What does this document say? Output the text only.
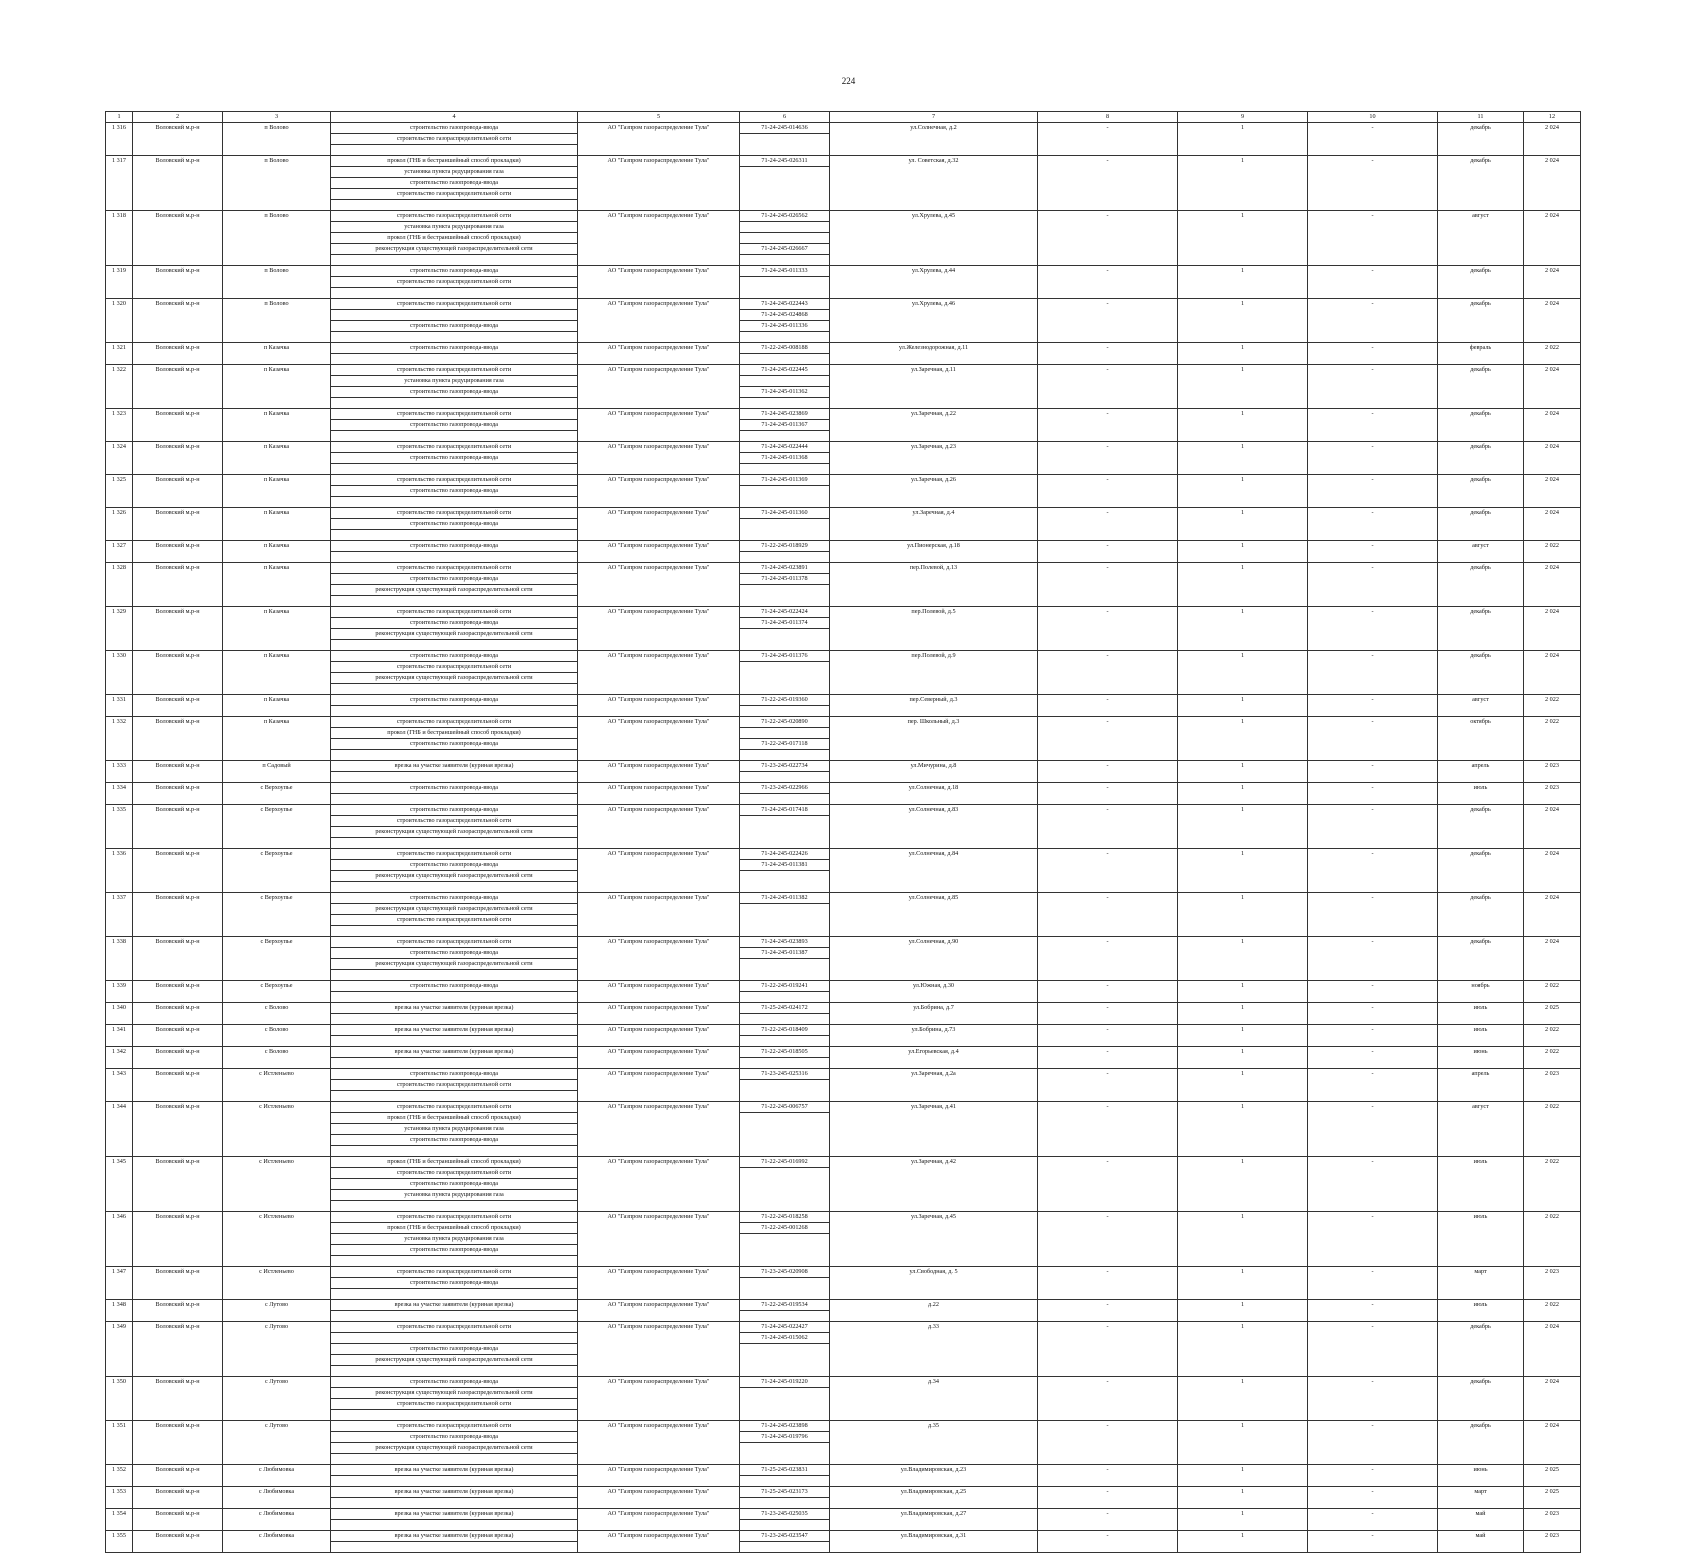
224
1	2	3	4	5	6	7	8	9	10	11	12
1 316	Воловский м.р-н	п Волово	строительство газопровода-ввода	АО "Газпром газораспределение Тула"	71-24-245-014636	ул.Солнечная, д.2	-	1	-	декабрь	2 024
			строительство газораспределительной сети								

1 317	Воловский м.р-н	п Волово	прокол (ГНБ и бестраншейный способ прокладки)	АО "Газпром газораспределение Тула"	71-24-245-026311	ул. Советская, д.32	-	1	-	декабрь	2 024
			установка пункта редуцирования газа								
			строительство газопровода-ввода								
			строительство газораспределительной сети								

1 318	Воловский м.р-н	п Волово	строительство газораспределительной сети	АО "Газпром газораспределение Тула"	71-24-245-026562	ул.Хрулева, д.45	-	1	-	август	2 024
			установка пункта редуцирования газа								
			прокол (ГНБ и бестраншейный способ прокладки)								
			реконструкция существующей газораспределительной сети		71-24-245-026667						

1 319	Воловский м.р-н	п Волово	строительство газопровода-ввода	АО "Газпром газораспределение Тула"	71-24-245-011333	ул.Хрулева, д.44	-	1	-	декабрь	2 024
			строительство газораспределительной сети								

1 320	Воловский м.р-н	п Волово	строительство газораспределительной сети	АО "Газпром газораспределение Тула"	71-24-245-022443	ул.Хрулева, д.46	-	1	-	декабрь	2 024
					71-24-245-024868						
			строительство газопровода-ввода		71-24-245-011336						

1 321	Воловский м.р-н	п Казачка	строительство газопровода-ввода	АО "Газпром газораспределение Тула"	71-22-245-008188	ул.Железнодорожная, д.11	-	1	-	февраль	2 022

1 322	Воловский м.р-н	п Казачка	строительство газораспределительной сети	АО "Газпром газораспределение Тула"	71-24-245-022445	ул.Заречная, д.11	-	1	-	декабрь	2 024
			установка пункта редуцирования газа								
			строительство газопровода-ввода		71-24-245-011362						

1 323	Воловский м.р-н	п Казачка	строительство газораспределительной сети	АО "Газпром газораспределение Тула"	71-24-245-023869	ул.Заречная, д.22	-	1	-	декабрь	2 024
			строительство газопровода-ввода		71-24-245-011367						

1 324	Воловский м.р-н	п Казачка	строительство газораспределительной сети	АО "Газпром газораспределение Тула"	71-24-245-022444	ул.Заречная, д.23	-	1	-	декабрь	2 024
			строительство газопровода-ввода		71-24-245-011368						

1 325	Воловский м.р-н	п Казачка	строительство газораспределительной сети	АО "Газпром газораспределение Тула"	71-24-245-011369	ул.Заречная, д.26	-	1	-	декабрь	2 024
			строительство газопровода-ввода								

1 326	Воловский м.р-н	п Казачка	строительство газораспределительной сети	АО "Газпром газораспределение Тула"	71-24-245-011360	ул.Заречная, д.4	-	1	-	декабрь	2 024
			строительство газопровода-ввода								

1 327	Воловский м.р-н	п Казачка	строительство газопровода-ввода	АО "Газпром газораспределение Тула"	71-22-245-018929	ул.Пионерская, д.18	-	1	-	август	2 022

1 328	Воловский м.р-н	п Казачка	строительство газораспределительной сети	АО "Газпром газораспределение Тула"	71-24-245-023891	пер.Полевой, д.13	-	1	-	декабрь	2 024
			строительство газопровода-ввода		71-24-245-011378						
			реконструкция существующей газораспределительной сети								

1 329	Воловский м.р-н	п Казачка	строительство газораспределительной сети	АО "Газпром газораспределение Тула"	71-24-245-022424	пер.Полевой, д.5	-	1	-	декабрь	2 024
			строительство газопровода-ввода		71-24-245-011374						
			реконструкция существующей газораспределительной сети								

1 330	Воловский м.р-н	п Казачка	строительство газопровода-ввода	АО "Газпром газораспределение Тула"	71-24-245-011376	пер.Полевой, д.9	-	1	-	декабрь	2 024
			строительство газораспределительной сети								
			реконструкция существующей газораспределительной сети								

1 331	Воловский м.р-н	п Казачка	строительство газопровода-ввода	АО "Газпром газораспределение Тула"	71-22-245-019360	пер.Северный, д.3	-	1	-	август	2 022

1 332	Воловский м.р-н	п Казачка	строительство газораспределительной сети	АО "Газпром газораспределение Тула"	71-22-245-020890	пер. Школьный, д.3	-	1	-	октябрь	2 022
			прокол (ГНБ и бестраншейный способ прокладки)								
			строительство газопровода-ввода		71-22-245-017118						

1 333	Воловский м.р-н	п Садовый	врезка на участке заявителя (куриная врезка)	АО "Газпром газораспределение Тула"	71-23-245-022734	ул.Мичурина, д.8	-	1	-	апрель	2 023

1 334	Воловский м.р-н	с Верхоупье	строительство газопровода-ввода	АО "Газпром газораспределение Тула"	71-23-245-022966	ул.Солнечная, д.18	-	1	-	июль	2 023

1 335	Воловский м.р-н	с Верхоупье	строительство газопровода-ввода	АО "Газпром газораспределение Тула"	71-24-245-017418	ул.Солнечная, д.83	-	1	-	декабрь	2 024
			строительство газораспределительной сети								
			реконструкция существующей газораспределительной сети								

1 336	Воловский м.р-н	с Верхоупье	строительство газораспределительной сети	АО "Газпром газораспределение Тула"	71-24-245-022426	ул.Солнечная, д.84	-	1	-	декабрь	2 024
			строительство газопровода-ввода		71-24-245-011381						
			реконструкция существующей газораспределительной сети								

1 337	Воловский м.р-н	с Верхоупье	строительство газопровода-ввода	АО "Газпром газораспределение Тула"	71-24-245-011382	ул.Солнечная, д.85	-	1	-	декабрь	2 024
			реконструкция существующей газораспределительной сети								
			строительство газораспределительной сети								

1 338	Воловский м.р-н	с Верхоупье	строительство газораспределительной сети	АО "Газпром газораспределение Тула"	71-24-245-023893	ул.Солнечная, д.90	-	1	-	декабрь	2 024
			строительство газопровода-ввода		71-24-245-011387						
			реконструкция существующей газораспределительной сети								

1 339	Воловский м.р-н	с Верхоупье	строительство газопровода-ввода	АО "Газпром газораспределение Тула"	71-22-245-019241	ул.Южная, д.30	-	1	-	ноябрь	2 022

1 340	Воловский м.р-н	с Волово	врезка на участке заявителя (куриная врезка)	АО "Газпром газораспределение Тула"	71-25-245-024172	ул.Бобрина, д.7	-	1	-	июль	2 025

1 341	Воловский м.р-н	с Волово	врезка на участке заявителя (куриная врезка)	АО "Газпром газораспределение Тула"	71-22-245-018409	ул.Бобрина, д.73	-	1	-	июль	2 022

1 342	Воловский м.р-н	с Волово	врезка на участке заявителя (куриная врезка)	АО "Газпром газораспределение Тула"	71-22-245-018505	ул.Егорьевская, д.4	-	1	-	июнь	2 022

1 343	Воловский м.р-н	с Истленьево	строительство газопровода-ввода	АО "Газпром газораспределение Тула"	71-23-245-025316	ул.Заречная, д.2а	-	1	-	апрель	2 023
			строительство газораспределительной сети								

1 344	Воловский м.р-н	с Истленьево	строительство газораспределительной сети	АО "Газпром газораспределение Тула"	71-22-245-006757	ул.Заречная, д.41	-	1	-	август	2 022
			прокол (ГНБ и бестраншейный способ прокладки)								
			установка пункта редуцирования газа								
			строительство газопровода-ввода								

1 345	Воловский м.р-н	с Истленьево	прокол (ГНБ и бестраншейный способ прокладки)	АО "Газпром газораспределение Тула"	71-22-245-016992	ул.Заречная, д.42	-	1	-	июль	2 022
			строительство газораспределительной сети								
			строительство газопровода-ввода								
			установка пункта редуцирования газа								

1 346	Воловский м.р-н	с Истленьево	строительство газораспределительной сети	АО "Газпром газораспределение Тула"	71-22-245-018258	ул.Заречная, д.45	-	1	-	июль	2 022
			прокол (ГНБ и бестраншейный способ прокладки)		71-22-245-001268						
			установка пункта редуцирования газа								
			строительство газопровода-ввода								

1 347	Воловский м.р-н	с Истленьево	строительство газораспределительной сети	АО "Газпром газораспределение Тула"	71-23-245-020908	ул.Свободная, д. 5	-	1	-	март	2 023
			строительство газопровода-ввода								

1 348	Воловский м.р-н	с Лутово	врезка на участке заявителя (куриная врезка)	АО "Газпром газораспределение Тула"	71-22-245-019534	д.22	-	1	-	июль	2 022

1 349	Воловский м.р-н	с Лутово	строительство газораспределительной сети	АО "Газпром газораспределение Тула"	71-24-245-022427	д.33	-	1	-	декабрь	2 024
					71-24-245-015062						
			строительство газопровода-ввода								
			реконструкция существующей газораспределительной сети								

1 350	Воловский м.р-н	с Лутово	строительство газопровода-ввода	АО "Газпром газораспределение Тула"	71-24-245-019220	д.34	-	1	-	декабрь	2 024
			реконструкция существующей газораспределительной сети								
			строительство газораспределительной сети								

1 351	Воловский м.р-н	с Лутово	строительство газораспределительной сети	АО "Газпром газораспределение Тула"	71-24-245-023898	д.35	-	1	-	декабрь	2 024
			строительство газопровода-ввода		71-24-245-019796						
			реконструкция существующей газораспределительной сети								

1 352	Воловский м.р-н	с Любимовка	врезка на участке заявителя (куриная врезка)	АО "Газпром газораспределение Тула"	71-25-245-023831	ул.Владимировская, д.23	-	1	-	июнь	2 025

1 353	Воловский м.р-н	с Любимовка	врезка на участке заявителя (куриная врезка)	АО "Газпром газораспределение Тула"	71-25-245-023173	ул.Владимировская, д.25	-	1	-	март	2 025

1 354	Воловский м.р-н	с Любимовка	врезка на участке заявителя (куриная врезка)	АО "Газпром газораспределение Тула"	71-23-245-025035	ул.Владимировская, д.27	-	1	-	май	2 023

1 355	Воловский м.р-н	с Любимовка	врезка на участке заявителя (куриная врезка)	АО "Газпром газораспределение Тула"	71-23-245-023547	ул.Владимировская, д.31	-	1	-	май	2 023
